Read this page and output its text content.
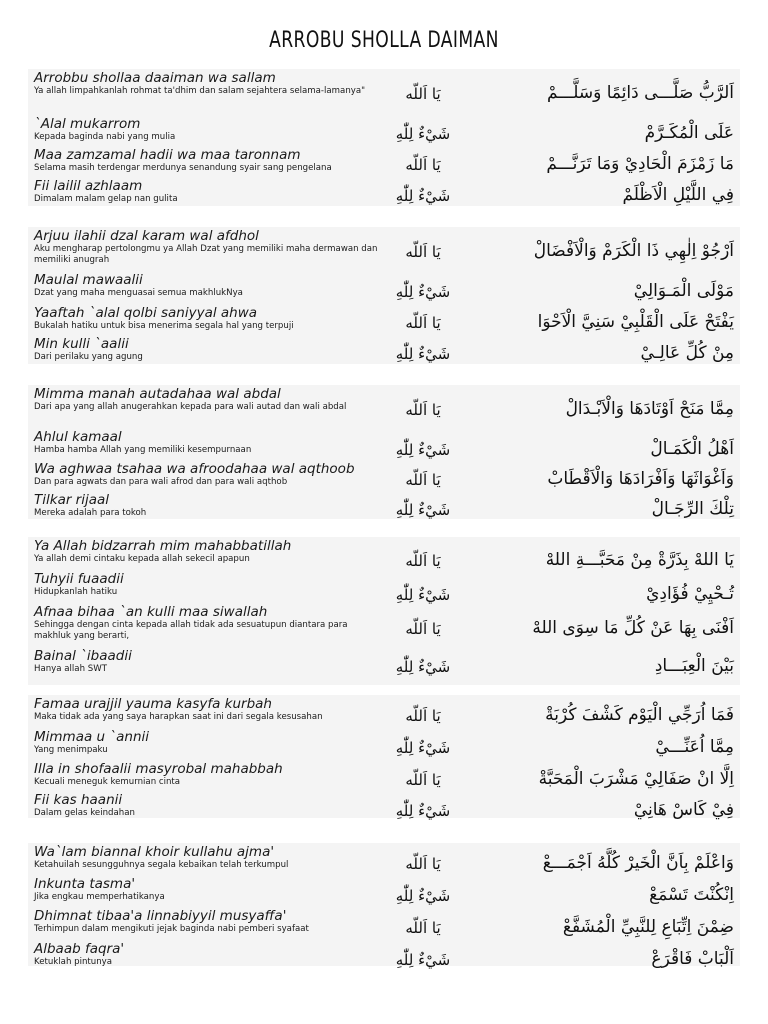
ARROBU SHOLLA DAIMAN
Arrobbu shollaa daaiman wa sallam
Ya allah limpahkanlah rohmat ta'dhim dan salam sejahtera selama-lamanya"	يَا اَللّه	اَلرَّبُّ صَلَّـــى دَائِمًا وَسَلَّـــمْ
`Alal mukarrom
Kepada baginda nabi yang mulia	شَيْءٌ لِلّٰهِ	عَلَى الْمُكَـرَّمْ
Maa zamzamal hadii wa maa taronnam
Selama masih terdengar merdunya senandung syair sang pengelana	يَا اَللّه	مَا زَمْزَمَ الْحَادِيْ وَمَا تَرَنَّـــمْ
Fii lailil azhlaam
Dimalam malam gelap nan gulita	شَيْءٌ لِلّٰهِ	فِي اللَّيْلِ الْاَظْلَمْ
Arjuu ilahii dzal karam wal afdhol
Aku mengharap pertolongmu ya Allah Dzat yang memiliki maha dermawan dan memiliki anugrah	يَا اَللّه	اَرْجُوْ اِلٰهِي ذَا الْكَرَمْ وَالْاَفْضَالْ
Maulal mawaalii
Dzat yang maha menguasai semua makhlukNya	شَيْءٌ لِلّٰهِ	مَوْلَى الْمَـوَالِيْ
Yaaftah `alal qolbi saniyyal ahwa
Bukalah hatiku untuk bisa menerima segala hal yang terpuji	يَا اَللّه	يَفْتَحْ عَلَى الْقَلْبِيْ سَنِيَّ الْاَحْوَا
Min kulli `aalii
Dari perilaku yang agung	شَيْءٌ لِلّٰهِ	مِنْ كُلِّ عَالِـيْ
Mimma manah autadahaa wal abdal
Dari apa yang allah anugerahkan kepada para wali autad dan wali abdal	يَا اَللّه	مِمَّا مَنَحْ اَوْتَادَهَا وَالْاَبْـدَالْ
Ahlul kamaal
Hamba hamba Allah yang memiliki kesempurnaan	شَيْءٌ لِلّٰهِ	اَهْلُ الْكَمَـالْ
Wa aghwaa tsahaa wa afroodahaa wal aqthoob
Dan para agwats dan para wali afrod dan para wali aqthob	يَا اَللّه	وَاَغْوَاثَهَا وَاَفْرَادَهَا وَالْاَقْطَابْ
Tilkar rijaal
Mereka adalah para tokoh	شَيْءٌ لِلّٰهِ	تِلْكَ الرِّجَـالْ
Ya Allah bidzarrah mim mahabbatillah
Ya allah demi cintaku kepada allah sekecil apapun	يَا اَللّه	يَا اللهْ بِذَرَّةْ مِنْ مَحَبَّـــةِ اللهْ
Tuhyii fuaadii
Hidupkanlah hatiku	شَيْءٌ لِلّٰهِ	تُـحْيِيْ فُؤَادِيْ
Afnaa bihaa `an kulli maa siwallah
Sehingga dengan cinta kepada allah tidak ada sesuatupun diantara para makhluk yang berarti,	يَا اَللّه	اَفْنَى بِهَا عَنْ كُلِّ مَا سِوَى اللهْ
Bainal `ibaadii
Hanya allah SWT	شَيْءٌ لِلّٰهِ	بَيْنَ الْعِبَـــادِ
Famaa urajjil yauma kasyfa kurbah
Maka tidak ada yang saya harapkan saat ini dari segala kesusahan	يَا اَللّه	فَمَا اُرَجِّي الْيَوْم كَشْفَ كُرْبَةْ
Mimmaa u `annii
Yang menimpaku	شَيْءٌ لِلّٰهِ	مِمَّا اُعَنِّـــيْ
Illa in shofaalii masyrobal mahabbah
Kecuali meneguk kemurnian cinta	يَا اَللّه	اِلَّا انْ صَفَالِيْ مَشْرَبَ الْمَحَبَّةْ
Fii kas haanii
Dalam gelas keindahan	شَيْءٌ لِلّٰهِ	فِيْ كَاسْ هَانِيْ
Wa`lam biannal khoir kullahu ajma'
Ketahuilah sesungguhnya segala kebaikan telah terkumpul	يَا اَللّه	وَاعْلَمْ بِاَنَّ الْخَيرْ كُلَّهُ اَجْمَـــعْ
Inkunta tasma'
Jika engkau memperhatikanya	شَيْءٌ لِلّٰهِ	اِنْكُنْتَ تَسْمَعْ
Dhimnat tibaa'a linnabiyyil musyaffa'
Terhimpun dalam mengikuti jejak baginda nabi pemberi syafaat	يَا اَللّه	ضِمْنَ اِتِّبَاعِ لِلنَّبِيِّ الْمُشَفَّعْ
Albaab faqra'
Ketuklah pintunya	شَيْءٌ لِلّٰهِ	اَلْبَابْ فَاقْرَعْ
